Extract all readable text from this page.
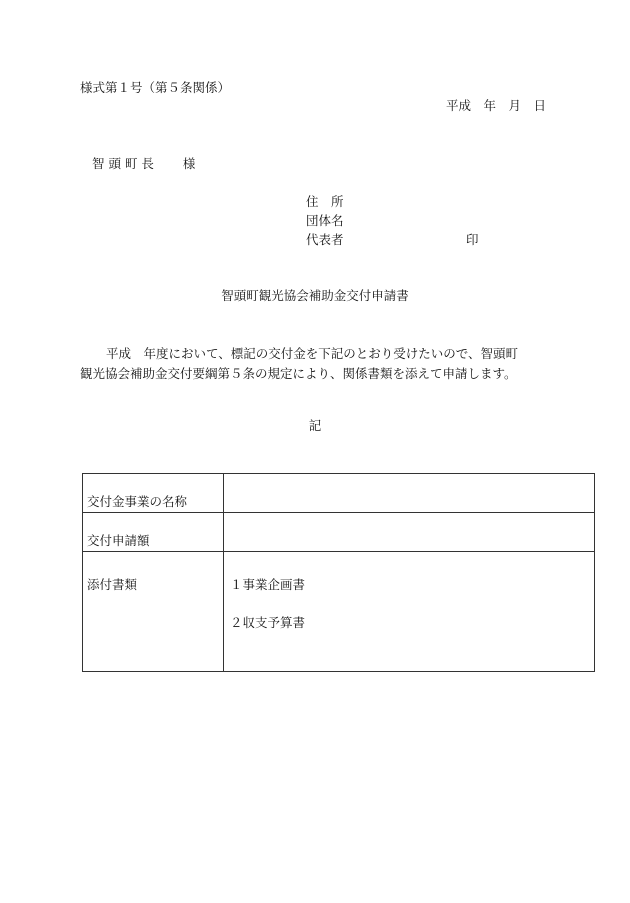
様式第１号（第５条関係）
平成　年　月　日
智 頭 町 長　　 様
住　所
団体名
代表者	印
智頭町観光協会補助金交付申請書
平成　年度において、標記の交付金を下記のとおり受けたいので、智頭町
観光協会補助金交付要綱第５条の規定により、関係書類を添えて申請します。
記
交付金事業の名称	
交付申請額	
添付書類	１事業企画書
２収支予算書
